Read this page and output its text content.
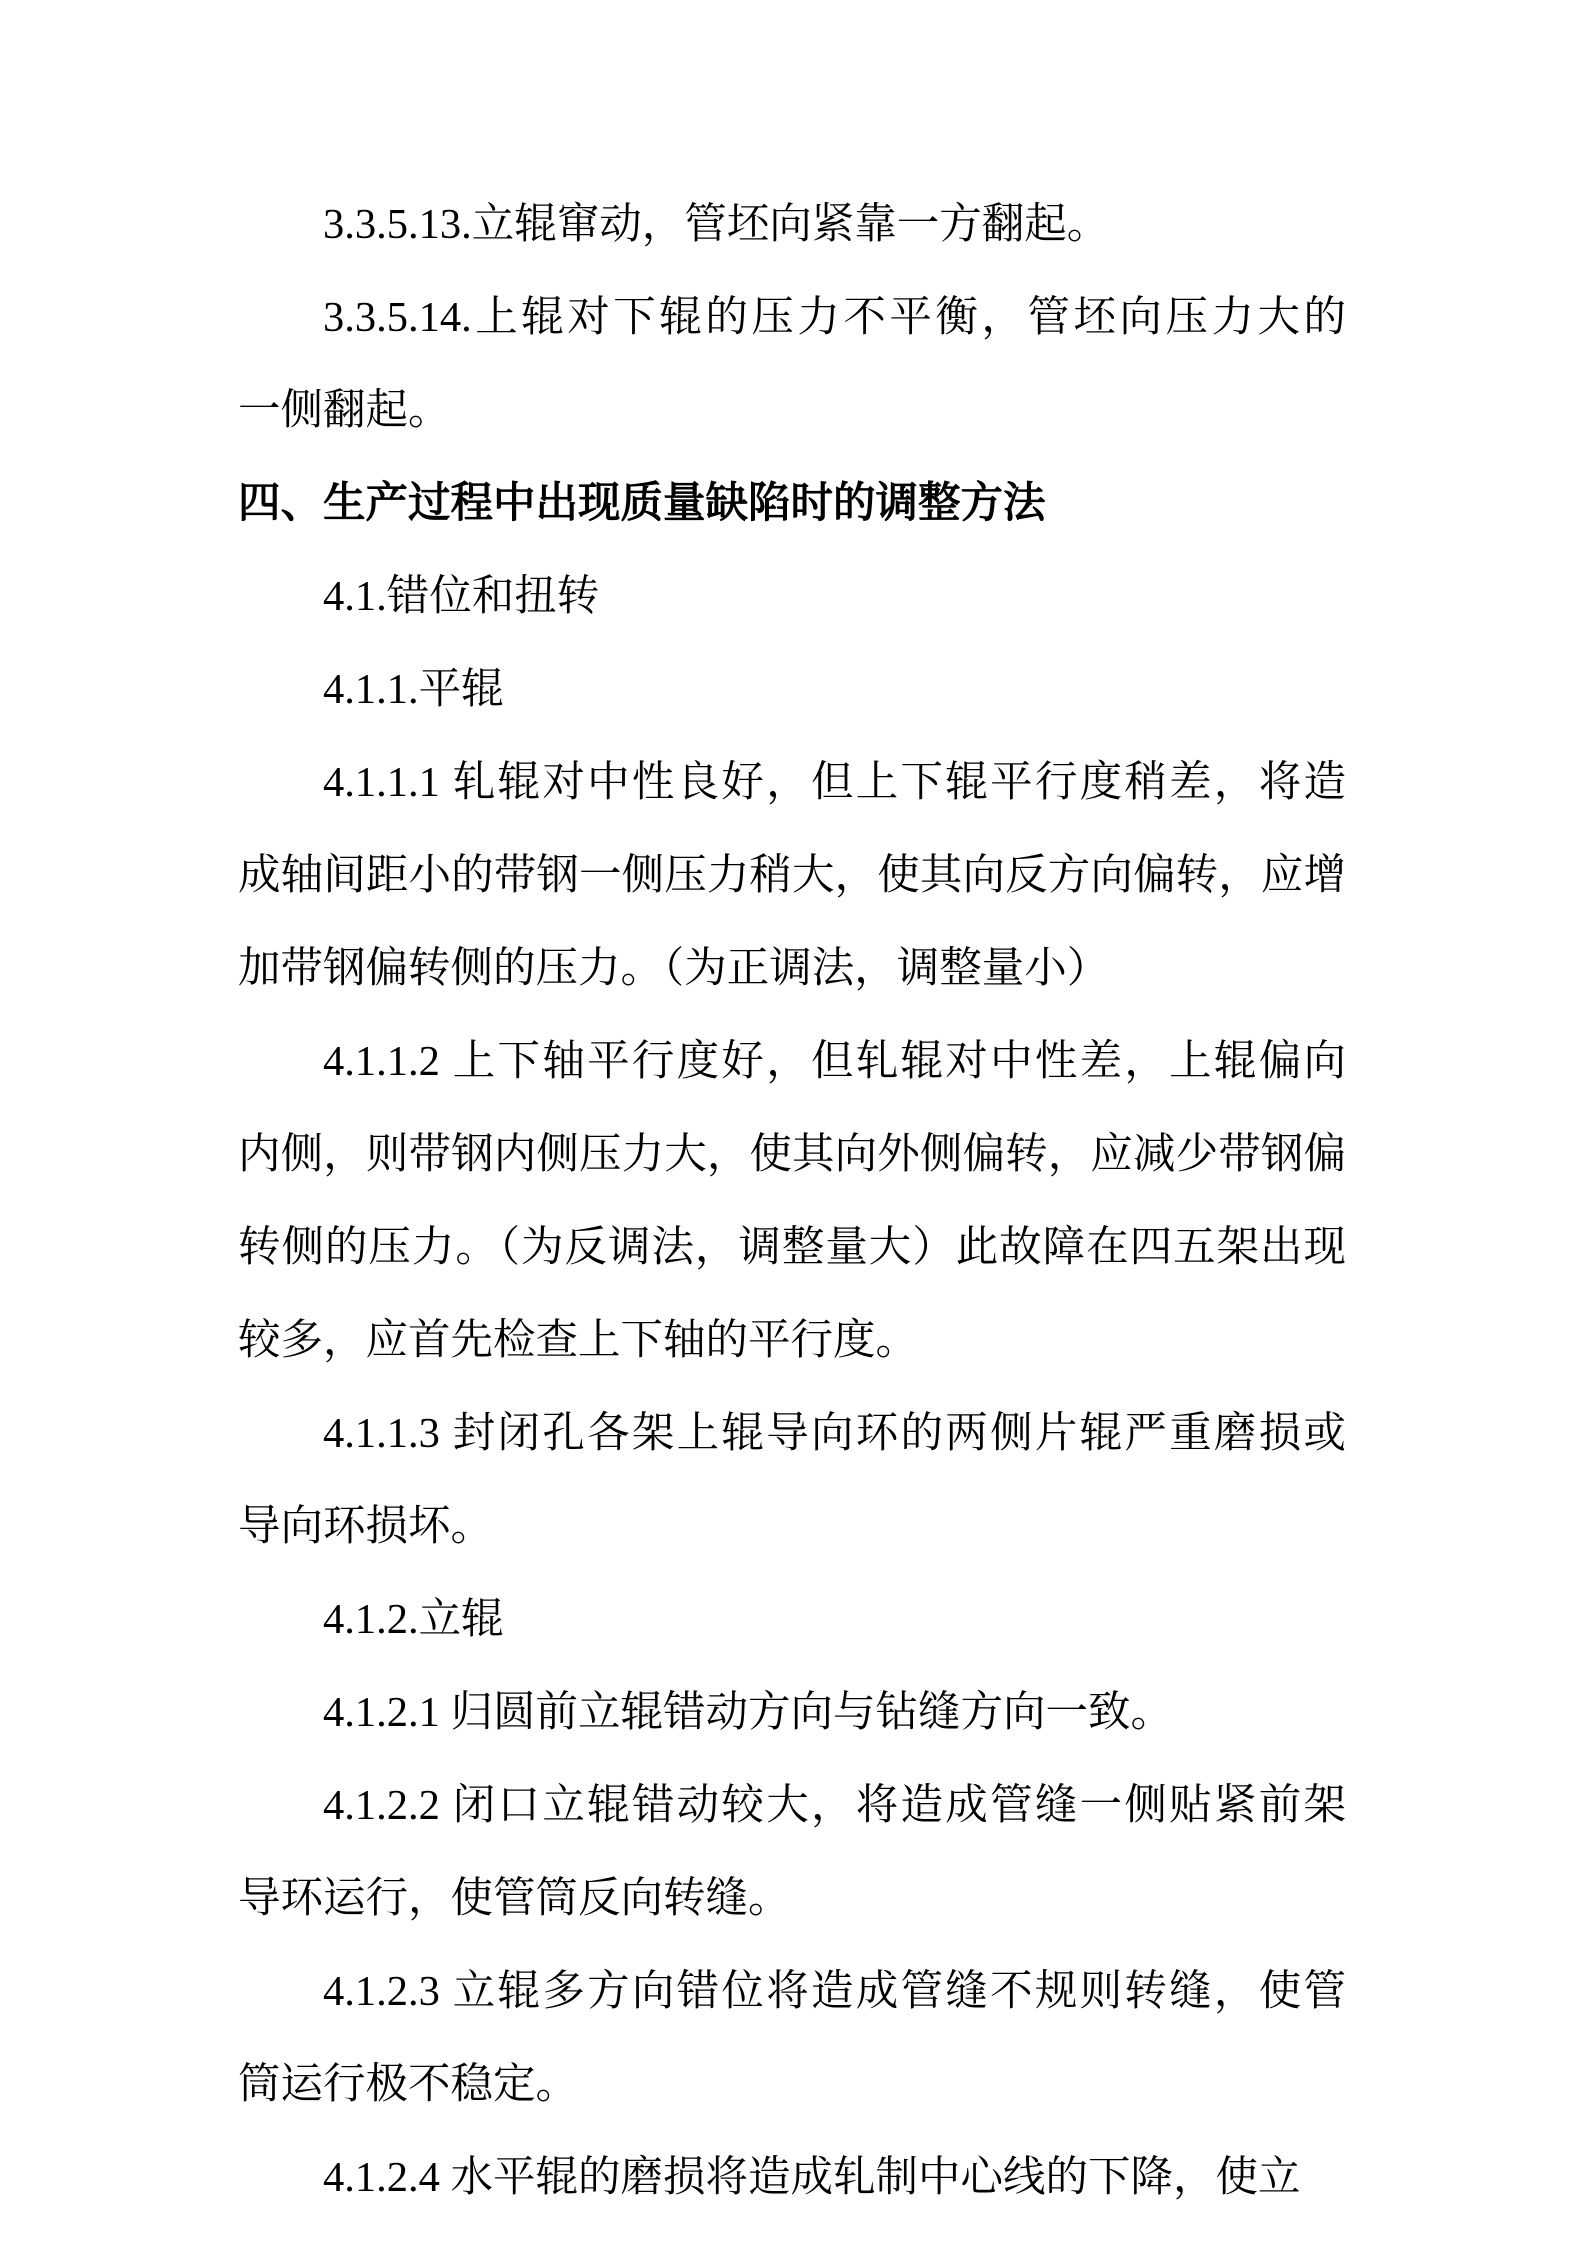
3.3.5.13.立辊窜动，管坯向紧靠一方翻起。
3.3.5.14.上辊对下辊的压力不平衡，管坯向压力大的
一侧翻起。
四、生产过程中出现质量缺陷时的调整方法
4.1.错位和扭转
4.1.1.平辊
4.1.1.1 轧辊对中性良好，但上下辊平行度稍差，将造
成轴间距小的带钢一侧压力稍大，使其向反方向偏转，应增
加带钢偏转侧的压力。（为正调法，调整量小）
4.1.1.2 上下轴平行度好，但轧辊对中性差，上辊偏向
内侧，则带钢内侧压力大，使其向外侧偏转，应减少带钢偏
转侧的压力。（为反调法，调整量大）此故障在四五架出现
较多，应首先检查上下轴的平行度。
4.1.1.3 封闭孔各架上辊导向环的两侧片辊严重磨损或
导向环损坏。
4.1.2.立辊
4.1.2.1 归圆前立辊错动方向与钻缝方向一致。
4.1.2.2 闭口立辊错动较大，将造成管缝一侧贴紧前架
导环运行，使管筒反向转缝。
4.1.2.3 立辊多方向错位将造成管缝不规则转缝，使管
筒运行极不稳定。
4.1.2.4 水平辊的磨损将造成轧制中心线的下降，使立
